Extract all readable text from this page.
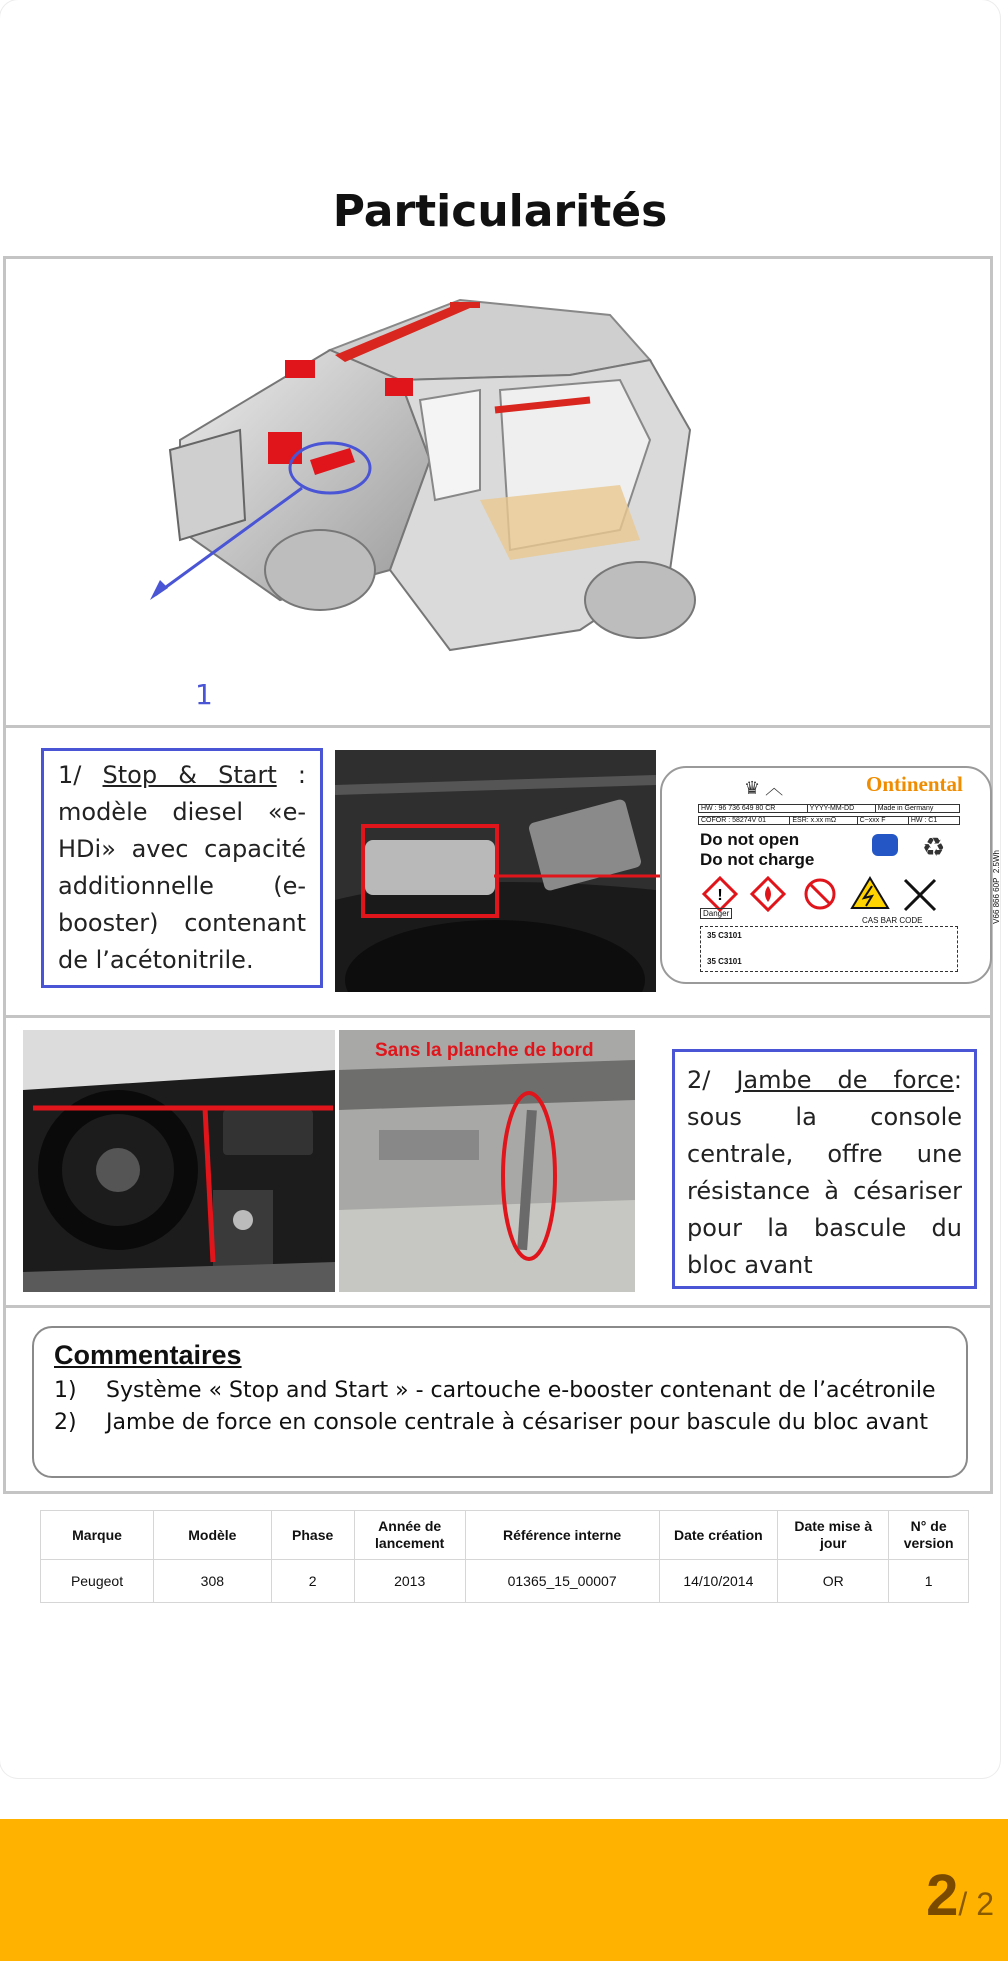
Particularités
1
1/ Stop & Start : modèle diesel «e-HDi» avec capacité additionnelle (e-booster) contenant de l’acétonitrile.
♛ ︿	Ontinental
HW : 96 736 649 80 CR	YYYY-MM-DD	Made in Germany
COFOR : 58274V 01	ESR: x.xx mΩ	C~xxx F	HW : C1
Do not open
Do not charge	♻
!
Danger
CAS BAR CODE
35 C3101
35 C3101
V66 866 60P  2.5Wh
Sans la planche de bord
2/ Jambe de force: sous la console centrale, offre une résistance à césariser pour la bascule du bloc avant
Commentaires
1) Système « Stop and Start » - cartouche e-booster contenant de l’acétronile
2) Jambe de force en console centrale à césariser pour bascule du bloc avant
Marque	Modèle	Phase	Année de lancement	Référence interne	Date création	Date mise à jour	N° de version
Peugeot	308	2	2013	01365_15_00007	14/10/2014	OR	1
2/ 2
